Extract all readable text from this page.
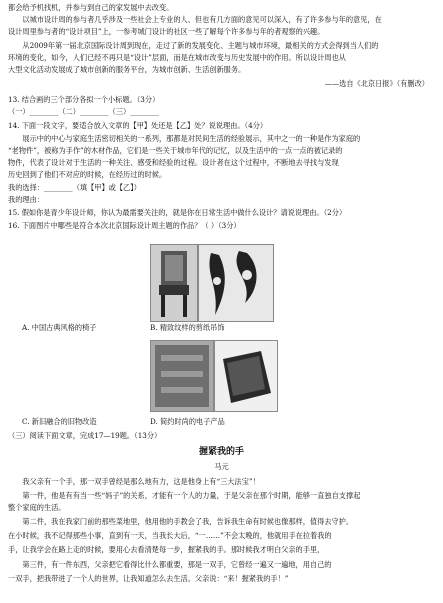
都会给予机找机，并参与到自己的家发展中去改变。
以城市设计周的参与者几乎涉及一些社会上专业的人、但也有几方面的意见可以深入，有了许多参与年的意见，在
设计周里参与者的“设计项目”上，一参考城门设计的社区一些了解每个许多参与年的者观察的兴趣。
从2009年第一届北京国际设计周到现在，走过了新的发展变化、主题与城市环境，最相关的方式会得到当人们的
环境的变化，如今，人们已经不再只是“设计”层面，而是在城市改变与历史发展中的作用。所以设计周也从
大型文化活动发展成了城市创新的服务平台，为城市创新、生活创新服务。
——选自《北京日报》（有删改）
13. 结合画的三个部分各拟一个小标题。（3分）
（一）________（二）________（三）________
14. 下面一段文字，要适合放入文章的【甲】处还是【乙】处？说说理由。（4分）
展示中的中心与家庭生活密切相关的一系列，那都是对民间生活的经验展示，其中之一的一种是作为家庭的
“老物件”，被称为手作”的木材作品，它们是一些关于城市年代的记忆，以及生活中的一点一点的被记录的
物件，代表了设计对于生活的一种关注、感受和经验的过程。设计者在这个过程中，不断地去寻找与发现
历史回到了他们不对应的时候，在经历过的时候。
我的选择：________（填【甲】或【乙】）
我的理由：
15. 假如你是青少年设计师，你认为最需要关注的，就是你在日常生活中做什么设计？请说说理由。（2分）
16. 下面图片中哪些是符合本次北京国际设计周主题的作品？（ ）（3分）
A. 中国古典风格的椅子	B. 精致纹样的剪纸吊饰
C. 新旧融合的旧物改造	D. 简约时尚的电子产品
（三）阅读下面文章，完成17—19题。（13分）
握紧我的手
马元
我父亲有一个手，那一双手曾经是那么地有力，这是他身上有“三大法宝”！
第一件，他是有有当一些“妈子”的关系，才能有一个人的力量，于是父亲在那个时期，能够一直独自支撑起
整个家庭的生活。
第二件，我在我家门前的那些菜地里，他用他的手教会了我，告诉我生命有时候也像那样，值得去守护。
在小时候，我不记得那些小事，直到有一天，当我长大后，“一……”不会太晚的，他就用手在拉着我的
手，让我学会在路上走的时候，要用心去看清楚每一步，握紧我的手。那时候我才明白父亲的手里，
第三件，有一件东西，父亲把它看得比什么都重要，那是一双手，它曾经一遍又一遍地，用自己的
一双手，把我带进了一个人的世界，让我知道怎么去生活。父亲说：“来！握紧我的手！”
